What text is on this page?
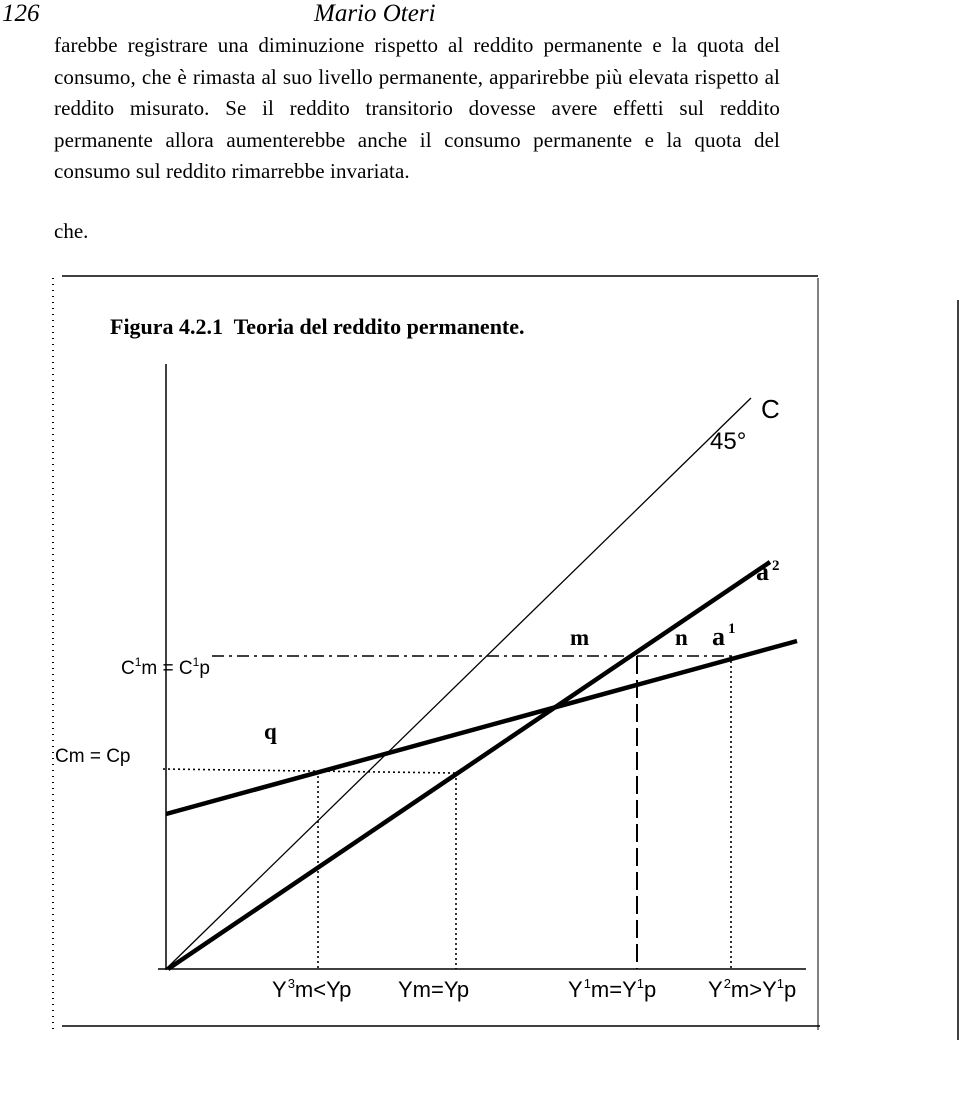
126	Mario Oteri

farebbe registrare una diminuzione rispetto al reddito permanente e la quota del consumo, che è rimasta al suo livello permanente, apparirebbe più elevata rispetto al reddito misurato. Se il reddito transitorio dovesse avere effetti sul reddito permanente allora aumenterebbe anche il consumo permanente e la quota del consumo sul reddito rimarrebbe invariata.

che.
Figura 4.2.1  Teoria del reddito permanente.
45°
C
a $^2$
m	n a $^1$
q
$C^1m = C^1p$
Cm = Cp
$Y^3m<Yp$ Ym=Yp	$Y^1m=Y^1p$ $Y^2m>Y^1p$
